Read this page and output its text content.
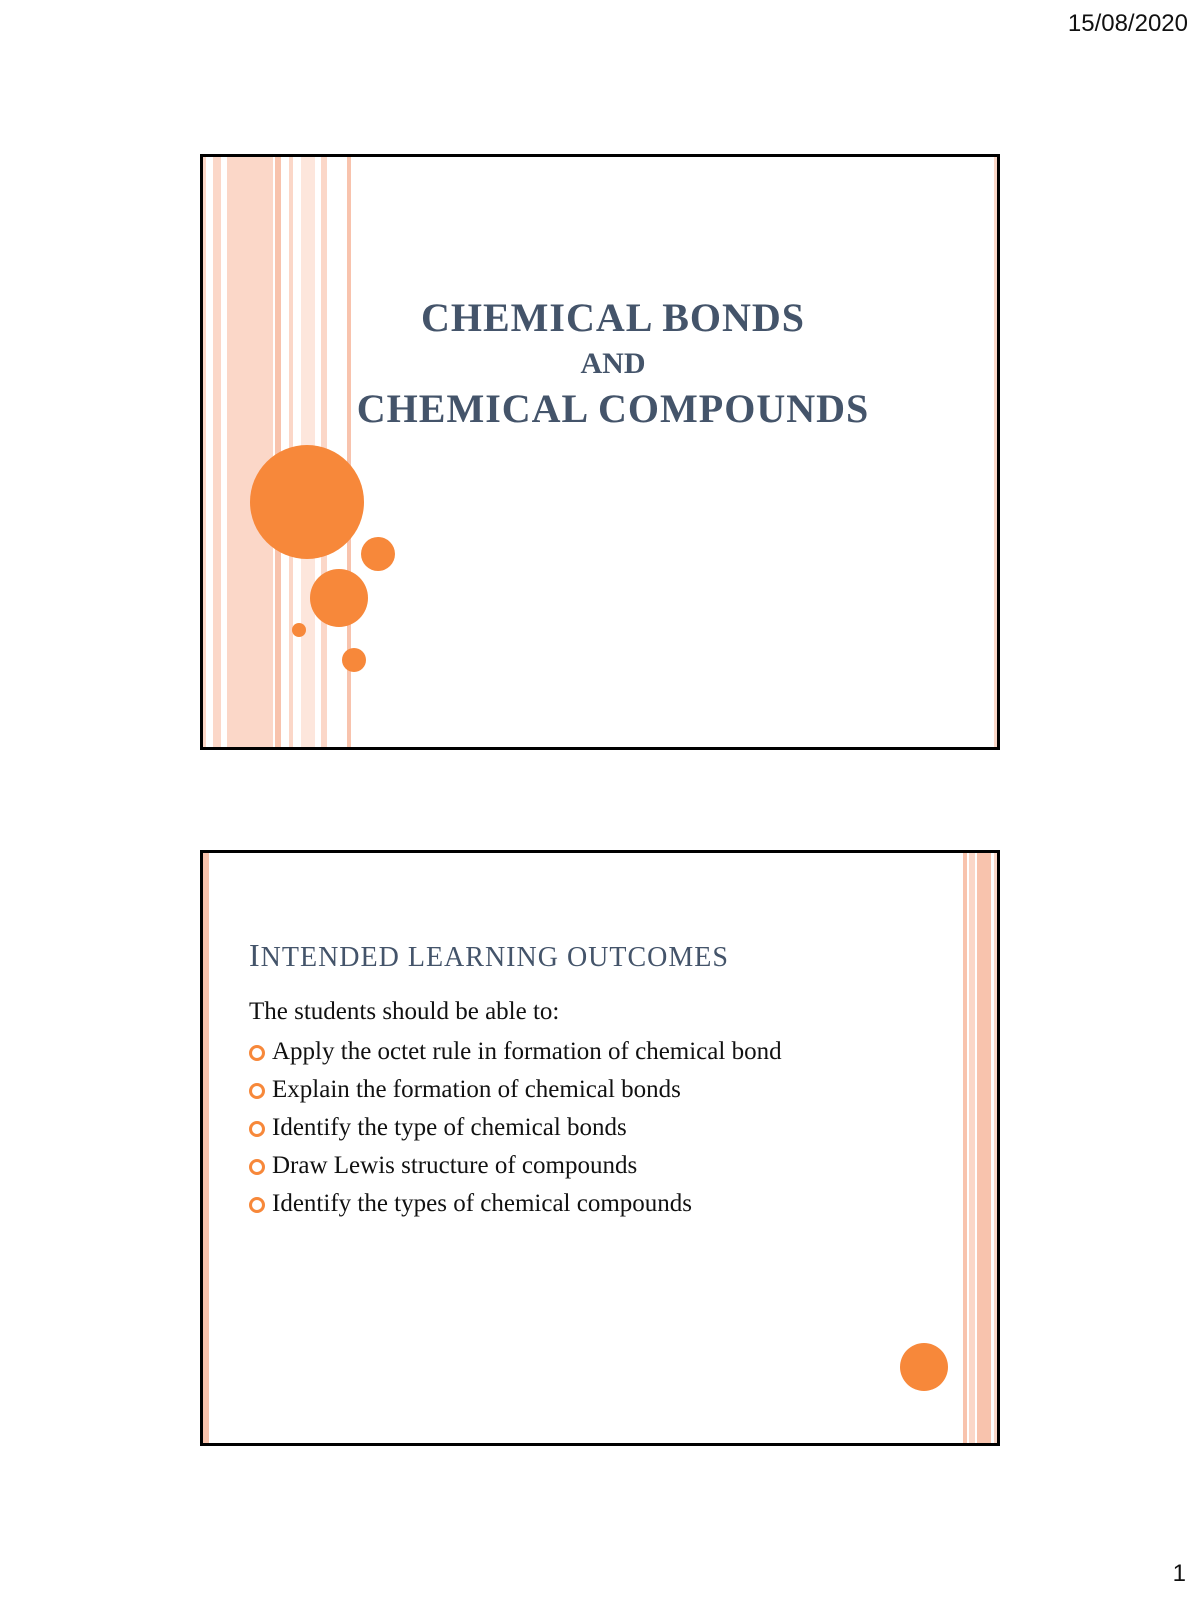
15/08/2020
CHEMICAL BONDS
AND
CHEMICAL COMPOUNDS
INTENDED LEARNING OUTCOMES
The students should be able to:
Apply the octet rule in formation of chemical bond
Explain the formation of chemical bonds
Identify the type of chemical bonds
Draw Lewis structure of compounds
Identify the types of chemical compounds
1
